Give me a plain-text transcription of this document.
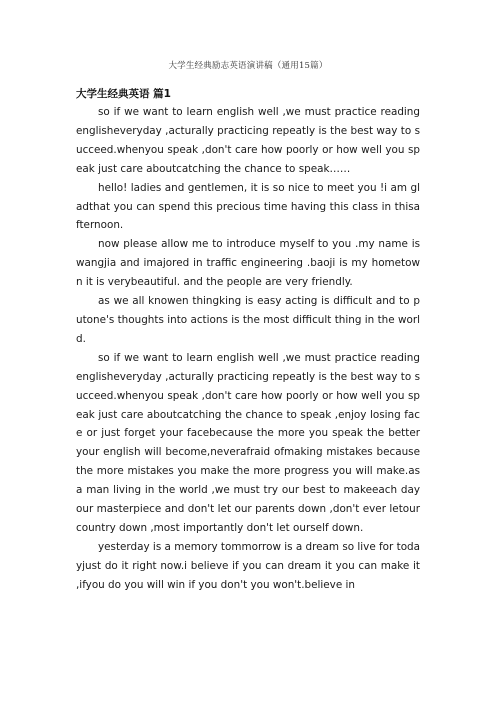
大学生经典励志英语演讲稿（通用15篇）

大学生经典英语 篇1

so if we want to learn english well ,we must practice reading englisheveryday ,acturally practicing repeatly is the best way to succeed.whenyou speak ,don't care how poorly or how well you speak just care aboutcatching the chance to speak……

hello! ladies and gentlemen, it is so nice to meet you !i am gladthat you can spend this precious time having this class in thisafternoon.

now please allow me to introduce myself to you .my name is wangjia and imajored in traffic engineering .baoji is my hometown it is verybeautiful. and the people are very friendly.

as we all knowen thingking is easy acting is difficult and to putone's thoughts into actions is the most difficult thing in the world.

so if we want to learn english well ,we must practice reading englisheveryday ,acturally practicing repeatly is the best way to succeed.whenyou speak ,don't care how poorly or how well you speak just care aboutcatching the chance to speak ,enjoy losing face or just forget your facebecause the more you speak the better your english will become,neverafraid ofmaking mistakes because the more mistakes you make the more progress you will make.as a man living in the world ,we must try our best to makeeach day our masterpiece and don't let our parents down ,don't ever letour country down ,most importantly don't let ourself down.

yesterday is a memory tommorrow is a dream so live for todayjust do it right now.i believe if you can dream it you can make it ,ifyou do you will win if you don't you won't.believe in
